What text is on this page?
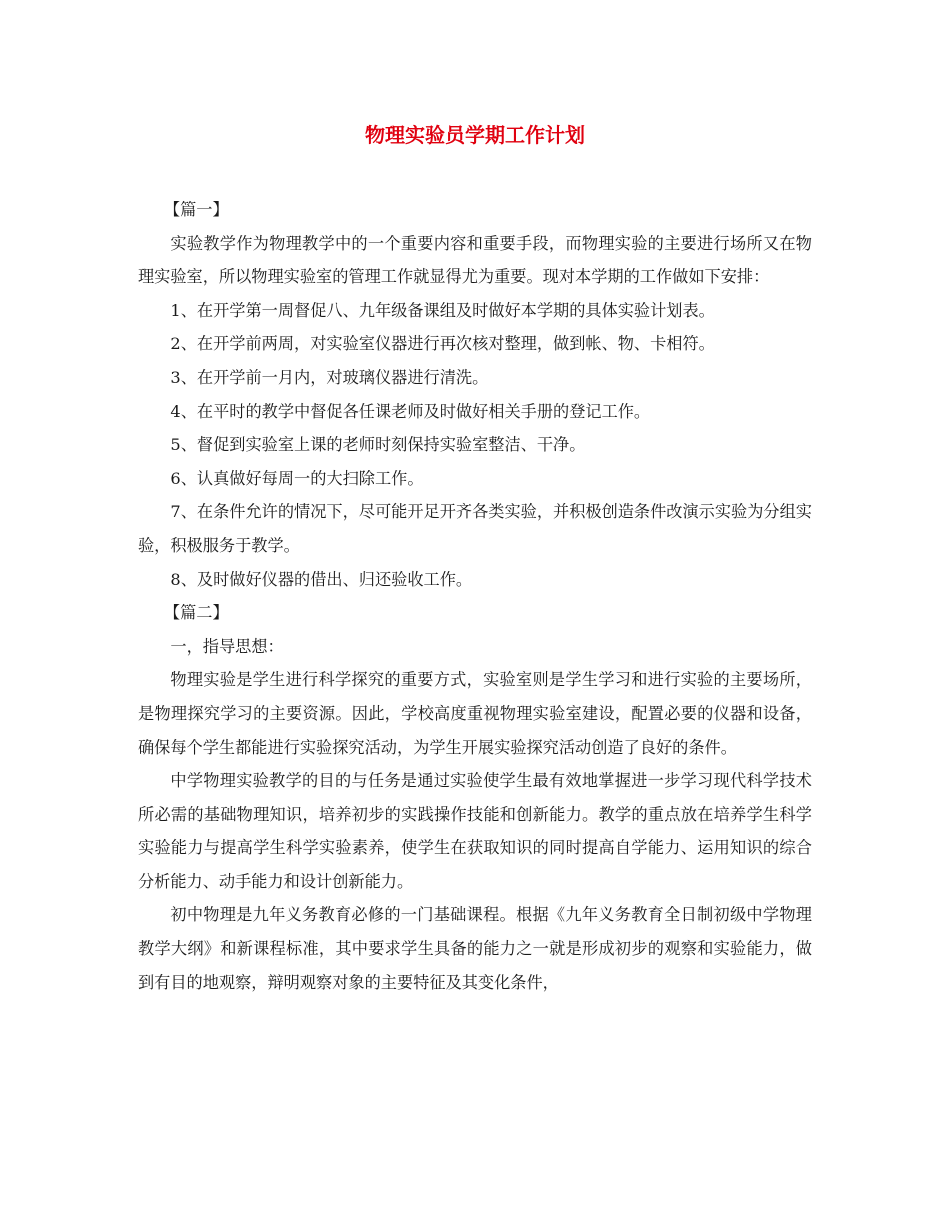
物理实验员学期工作计划

【篇一】

实验教学作为物理教学中的一个重要内容和重要手段，而物理实验的主要进行场所又在物理实验室，所以物理实验室的管理工作就显得尤为重要。现对本学期的工作做如下安排：

1、在开学第一周督促八、九年级备课组及时做好本学期的具体实验计划表。

2、在开学前两周，对实验室仪器进行再次核对整理，做到帐、物、卡相符。

3、在开学前一月内，对玻璃仪器进行清洗。

4、在平时的教学中督促各任课老师及时做好相关手册的登记工作。

5、督促到实验室上课的老师时刻保持实验室整洁、干净。

6、认真做好每周一的大扫除工作。

7、在条件允许的情况下，尽可能开足开齐各类实验，并积极创造条件改演示实验为分组实验，积极服务于教学。

8、及时做好仪器的借出、归还验收工作。

【篇二】

一，指导思想：

物理实验是学生进行科学探究的重要方式，实验室则是学生学习和进行实验的主要场所，是物理探究学习的主要资源。因此，学校高度重视物理实验室建设，配置必要的仪器和设备，确保每个学生都能进行实验探究活动，为学生开展实验探究活动创造了良好的条件。

中学物理实验教学的目的与任务是通过实验使学生最有效地掌握进一步学习现代科学技术所必需的基础物理知识，培养初步的实践操作技能和创新能力。教学的重点放在培养学生科学实验能力与提高学生科学实验素养，使学生在获取知识的同时提高自学能力、运用知识的综合分析能力、动手能力和设计创新能力。

初中物理是九年义务教育必修的一门基础课程。根据《九年义务教育全日制初级中学物理教学大纲》和新课程标准，其中要求学生具备的能力之一就是形成初步的观察和实验能力，做到有目的地观察，辩明观察对象的主要特征及其变化条件，
